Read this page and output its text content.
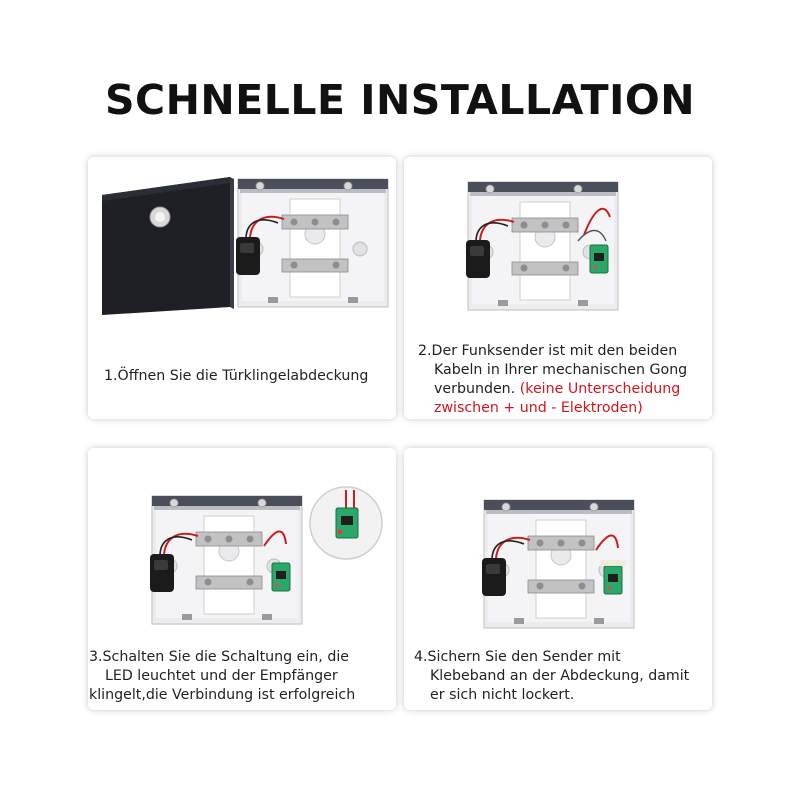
SCHNELLE INSTALLATION
1.Öffnen Sie die Türklingelabdeckung
2.Der Funksender ist mit den beiden
Kabeln in Ihrer mechanischen Gong
verbunden. (keine Unterscheidung
zwischen + und - Elektroden)
3.Schalten Sie die Schaltung ein, die
LED leuchtet und der Empfänger
klingelt,die Verbindung ist erfolgreich
4.Sichern Sie den Sender mit
Klebeband an der Abdeckung, damit
er sich nicht lockert.
